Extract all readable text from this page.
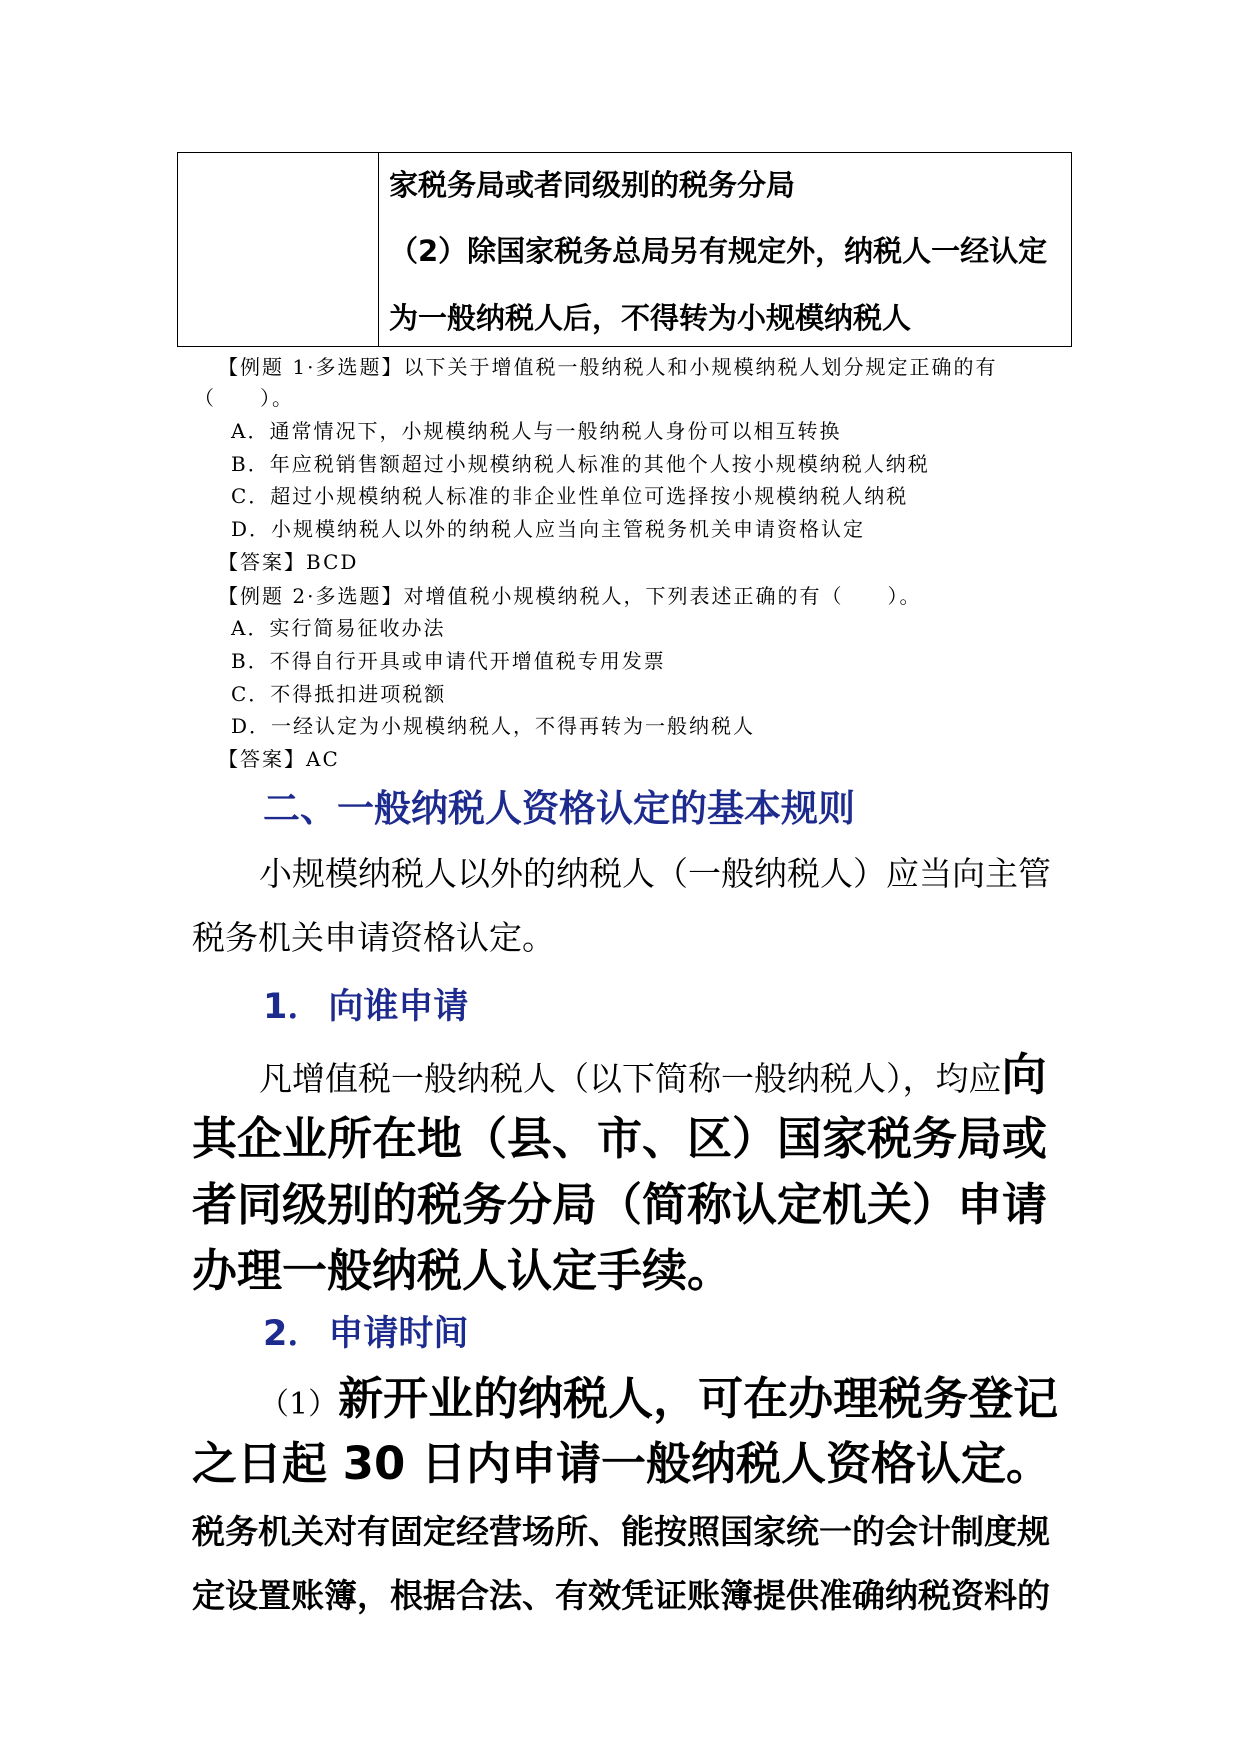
家税务局或者同级别的税务分局
（2）除国家税务总局另有规定外，纳税人一经认定
为一般纳税人后，不得转为小规模纳税人
【例题 1·多选题】以下关于增值税一般纳税人和小规模纳税人划分规定正确的有
（　　）。
A．通常情况下，小规模纳税人与一般纳税人身份可以相互转换
B．年应税销售额超过小规模纳税人标准的其他个人按小规模纳税人纳税
C．超过小规模纳税人标准的非企业性单位可选择按小规模纳税人纳税
D．小规模纳税人以外的纳税人应当向主管税务机关申请资格认定
【答案】BCD
【例题 2·多选题】对增值税小规模纳税人，下列表述正确的有（　　）。
A．实行简易征收办法
B．不得自行开具或申请代开增值税专用发票
C．不得抵扣进项税额
D．一经认定为小规模纳税人，不得再转为一般纳税人
【答案】AC
二、一般纳税人资格认定的基本规则
小规模纳税人以外的纳税人（一般纳税人）应当向主管
税务机关申请资格认定。
1． 向谁申请
凡增值税一般纳税人（以下简称一般纳税人），均应向
其企业所在地（县、市、区）国家税务局或
者同级别的税务分局（简称认定机关）申请
办理一般纳税人认定手续。
2． 申请时间
（1）新开业的纳税人，可在办理税务登记
之日起 30 日内申请一般纳税人资格认定。
税务机关对有固定经营场所、能按照国家统一的会计制度规
定设置账簿，根据合法、有效凭证账簿提供准确纳税资料的
